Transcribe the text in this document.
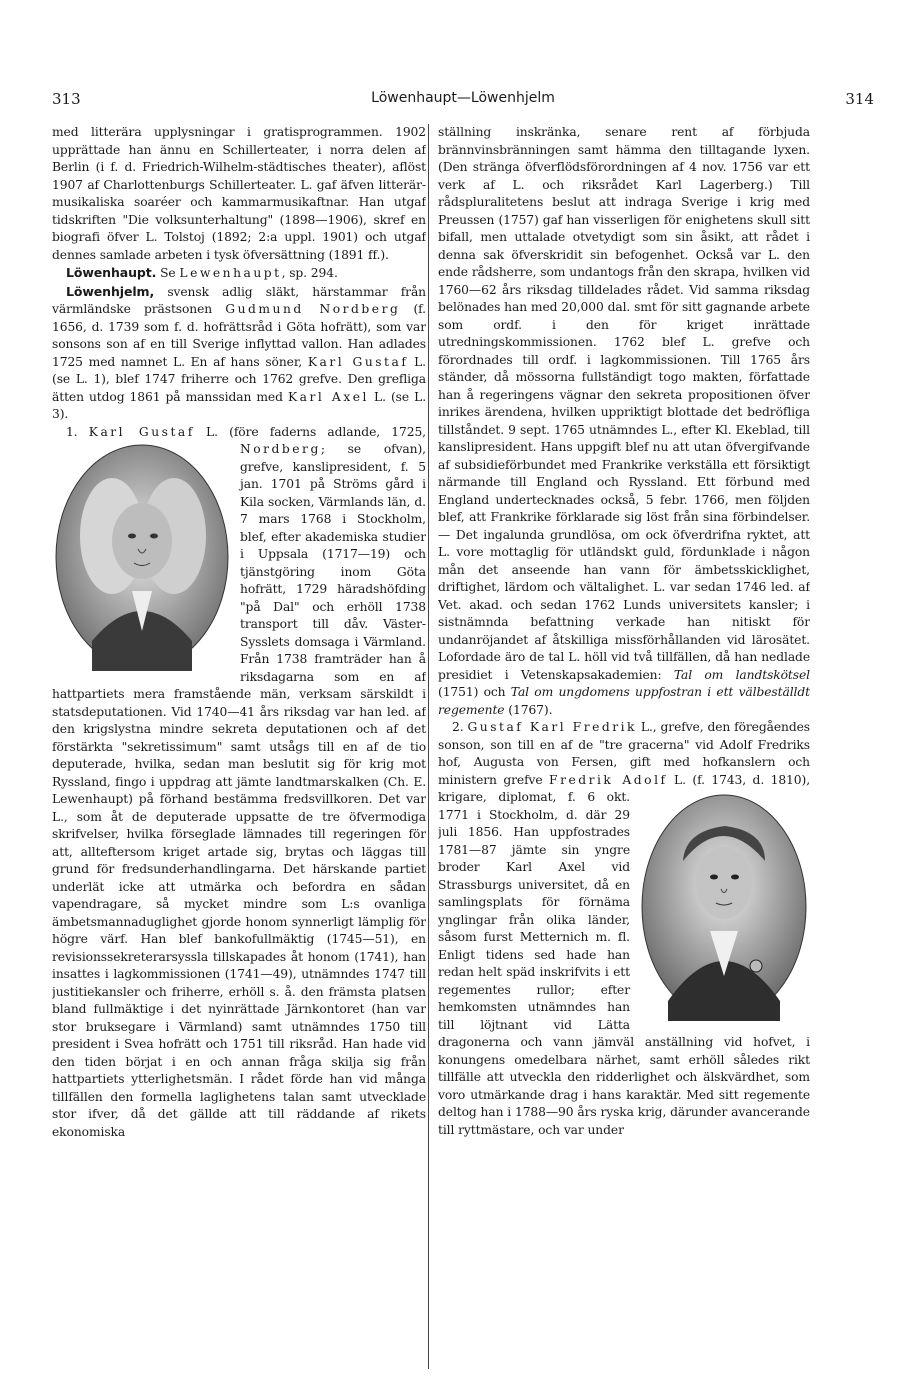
313	Löwenhaupt—Löwenhjelm	314

med litterära upplysningar i gratisprogrammen. 1902 upprättade han ännu en Schillerteater, i norra delen af Berlin (i f. d. Friedrich-Wilhelm-städtisches theater), aflöst 1907 af Charlottenburgs Schillerteater. L. gaf äfven litterär-musikaliska soaréer och kammarmusikaftnar. Han utgaf tidskriften "Die volksunterhaltung" (1898—1906), skref en biografi öfver L. Tolstoj (1892; 2:a uppl. 1901) och utgaf dennes samlade arbeten i tysk öfversättning (1891 ff.).

Löwenhaupt. Se Lewenhaupt, sp. 294.

Löwenhjelm, svensk adlig släkt, härstammar från värmländske prästsonen Gudmund Nordberg (f. 1656, d. 1739 som f. d. hofrättsråd i Göta hofrätt), som var sonsons son af en till Sverige inflyttad vallon. Han adlades 1725 med namnet L. En af hans söner, Karl Gustaf L. (se L. 1), blef 1747 friherre och 1762 grefve. Den grefliga ätten utdog 1861 på manssidan med Karl Axel L. (se L. 3).

1. Karl Gustaf L. (före faderns adlande, 1725, Nordberg
; se ofvan), grefve, kanslipresident, f. 5 jan. 1701 på Ströms gård i Kila socken, Värmlands län, d. 7 mars 1768 i Stockholm, blef, efter akademiska studier i Uppsala (1717—19) och tjänstgöring inom Göta hofrätt, 1729 häradshöfding "på Dal" och erhöll 1738 transport till dåv. Väster-Sysslets domsaga i Värmland. Från 1738 framträder han å riksdagarna som en af hattpartiets mera framstående män, verksam särskildt i statsdeputationen. Vid 1740—41 års riksdag var han led. af den krigslystna mindre sekreta deputationen och af det förstärkta "sekretissimum" samt utsågs till en af de tio deputerade, hvilka, sedan man beslutit sig för krig mot Ryssland, fingo i uppdrag att jämte landtmarskalken (Ch. E. Lewenhaupt) på förhand bestämma fredsvillkoren. Det var L., som åt de deputerade uppsatte de tre öfvermodiga skrifvelser, hvilka förseglade lämnades till regeringen för att, allteftersom kriget artade sig, brytas och läggas till grund för fredsunderhandlingarna. Det härskande partiet underlät icke att utmärka och befordra en sådan vapendragare, så mycket mindre som L:s ovanliga ämbetsmannaduglighet gjorde honom synnerligt lämplig för högre värf. Han blef bankofullmäktig (1745—51), en revisionssekreterarsyssla tillskapades åt honom (1741), han insattes i lagkommissionen (1741—49), utnämndes 1747 till justitiekansler och friherre, erhöll s. å. den främsta platsen bland fullmäktige i det nyinrättade Järnkontoret (han var stor bruksegare i Värmland) samt utnämndes 1750 till president i Svea hofrätt och 1751 till riksråd. Han hade vid den tiden börjat i en och annan fråga skilja sig från hattpartiets ytterlighetsmän. I rådet förde han vid många tillfällen den formella laglighetens talan samt utvecklade stor ifver, då det gällde att till räddande af rikets ekonomiska

ställning inskränka, senare rent af förbjuda brännvinsbränningen samt hämma den tilltagande lyxen. (Den stränga öfverflödsförordningen af 4 nov. 1756 var ett verk af L. och riksrådet Karl Lagerberg.) Till rådspluralitetens beslut att indraga Sverige i krig med Preussen (1757) gaf han visserligen för enighetens skull sitt bifall, men uttalade otvetydigt som sin åsikt, att rådet i denna sak öfverskridit sin befogenhet. Också var L. den ende rådsherre, som undantogs från den skrapa, hvilken vid 1760—62 års riksdag tilldelades rådet. Vid samma riksdag belönades han med 20,000 dal. smt för sitt gagnande arbete som ordf. i den för kriget inrättade utredningskommissionen. 1762 blef L. grefve och förordnades till ordf. i lagkommissionen. Till 1765 års ständer, då mössorna fullständigt togo makten, författade han å regeringens vägnar den sekreta propositionen öfver inrikes ärendena, hvilken uppriktigt blottade det bedröfliga tillståndet. 9 sept. 1765 utnämndes L., efter Kl. Ekeblad, till kanslipresident. Hans uppgift blef nu att utan öfvergifvande af subsidieförbundet med Frankrike verkställa ett försiktigt närmande till England och Ryssland. Ett förbund med England undertecknades också, 5 febr. 1766, men följden blef, att Frankrike förklarade sig löst från sina förbindelser. — Det ingalunda grundlösa, om ock öfverdrifna ryktet, att L. vore mottaglig för utländskt guld, fördunklade i någon mån det anseende han vann för ämbetsskicklighet, driftighet, lärdom och vältalighet. L. var sedan 1746 led. af Vet. akad. och sedan 1762 Lunds universitets kansler; i sistnämnda befattning verkade han nitiskt för undanröjandet af åtskilliga missförhållanden vid lärosätet. Lofordade äro de tal L. höll vid två tillfällen, då han nedlade presidiet i Vetenskapsakademien: Tal om landtskötsel (1751) och Tal om ungdomens uppfostran i ett välbeställdt regemente (1767).

2. Gustaf Karl Fredrik L., grefve, den föregåendes sonson, son till en af de "tre gracerna" vid Adolf Fredriks hof, Augusta von Fersen, gift med hofkanslern och ministern grefve Fredrik Adolf
L. (f. 1743, d. 1810), krigare, diplomat, f. 6 okt. 1771 i Stockholm, d. där 29 juli 1856. Han uppfostrades 1781—87 jämte sin yngre broder Karl Axel vid Strassburgs universitet, då en samlingsplats för förnäma ynglingar från olika länder, såsom furst Metternich m. fl. Enligt tidens sed hade han redan helt späd inskrifvits i ett regementes rullor; efter hemkomsten utnämndes han till löjtnant vid Lätta dragonerna och vann jämväl anställning vid hofvet, i konungens omedelbara närhet, samt erhöll således rikt tillfälle att utveckla den ridderlighet och älskvärdhet, som voro utmärkande drag i hans karaktär. Med sitt regemente deltog han i 1788—90 års ryska krig, därunder avancerande till ryttmästare, och var under
